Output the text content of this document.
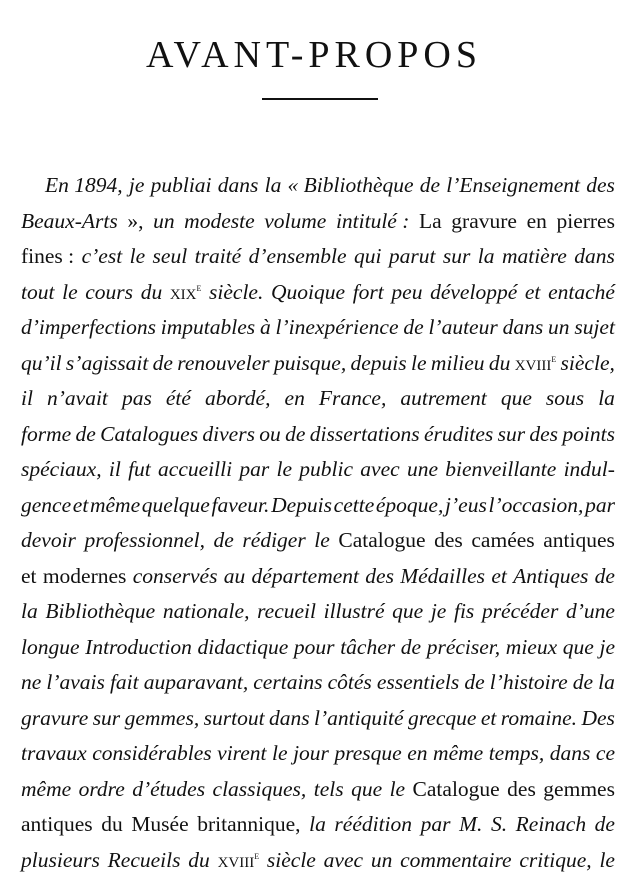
AVANT-PROPOS
En 1894, je publiai dans la « Bibliothèque de l’Enseignement des
Beaux-Arts », un modeste volume intitulé : La gravure en pierres
fines : c’est le seul traité d’ensemble qui parut sur la matière dans
tout le cours du xix$^e$ siècle. Quoique fort peu développé et entaché
d’imperfections imputables à l’inexpérience de l’auteur dans un sujet
qu’il s’agissait de renouveler puisque, depuis le milieu du xviii$^e$ siècle,
il n’avait pas été abordé, en France, autrement que sous la
forme de Catalogues divers ou de dissertations érudites sur des points
spéciaux, il fut accueilli par le public avec une bienveillante indul-
gence et même quelque faveur. Depuis cette époque, j’eus l’occasion, par
devoir professionnel, de rédiger le Catalogue des camées antiques
et modernes conservés au département des Médailles et Antiques de
la Bibliothèque nationale, recueil illustré que je fis précéder d’une
longue Introduction didactique pour tâcher de préciser, mieux que je
ne l’avais fait auparavant, certains côtés essentiels de l’histoire de la
gravure sur gemmes, surtout dans l’antiquité grecque et romaine. Des
travaux considérables virent le jour presque en même temps, dans ce
même ordre d’études classiques, tels que le Catalogue des gemmes
antiques du Musée britannique, la réédition par M. S. Reinach de
plusieurs Recueils du xviii$^e$ siècle avec un commentaire critique, le
